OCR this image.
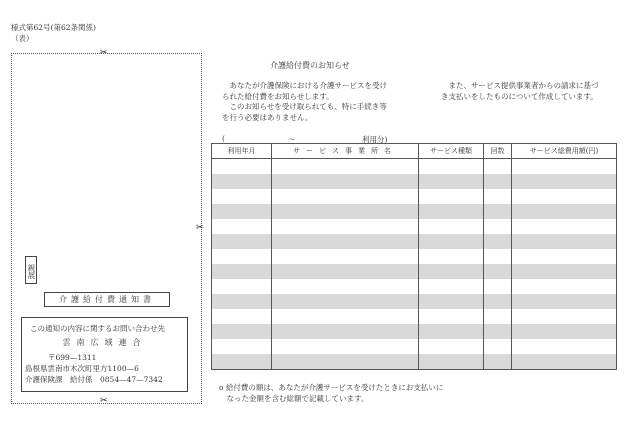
様式第62号(第62条関係)
（表）
✂
✂
✂
親展
介護給付費通知書
この通知の内容に関するお問い合わせ先
雲南広域連合
〒699—1311
島根県雲南市木次町里方1100—6
介護保険課　給付係　0854—47—7342
介護給付費のお知らせ
　あなたが介護保険における介護サービスを受け
られた給付費をお知らせします。
　このお知らせを受け取られても、特に手続き等
を行う必要はありません。
　また、サービス提供事業者からの請求に基づ
き支払いをしたものについて作成しています。
(	〜	利用分)
利用年月	サービス事業所名	サービス種類	回数	サービス総費用額(円)

o 給付費の額は、あなたが介護サービスを受けたときにお支払いに
　なった金額を含む総額で記載しています。
